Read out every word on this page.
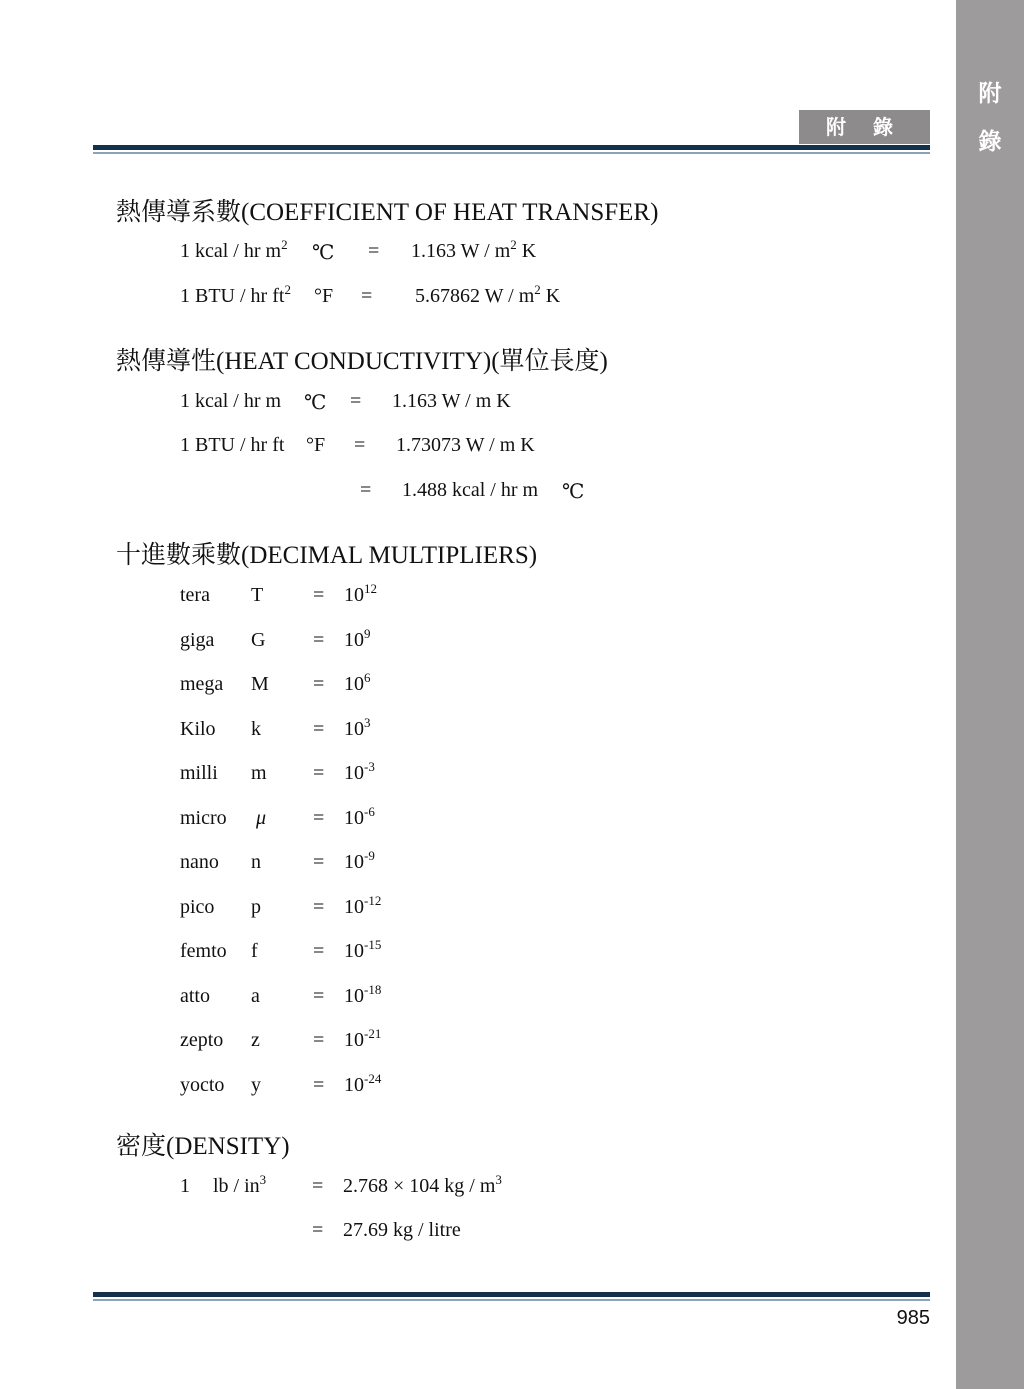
附
錄
附 錄
熱傳導系數(COEFFICIENT OF HEAT TRANSFER)
1 kcal / hr $m^2$ ℃ = 1.163 W / $m^2$ K
1 BTU / hr $ft^2$ °F = 5.67862 W / $m^2$ K
熱傳導性(HEAT CONDUCTIVITY)(單位長度)
1 kcal / hr m ℃ = 1.163 W / m K
1 BTU / hr ft °F = 1.73073 W / m K
= 1.488 kcal / hr m ℃
十進數乘數(DECIMAL MULTIPLIERS)
tera $T = 10^{12}$
giga $G = 10^9$
mega $M = 10^6$
Kilo k	= $10^3$
milli $m = 10^{-3}$
micro $\mu = 10^{-6}$
nano n	= $10^{-9}$
pico p	= $10^{-12}$
femto f	= $10^{-15}$
atto a	= $10^{-18}$
zepto z	= $10^{-21}$
yocto y	= $10^{-24}$
密度(DENSITY)
1 lb / $in^3 = 2.768 \times 104$ kg / $m^3$
= 27.69 kg / litre
985
